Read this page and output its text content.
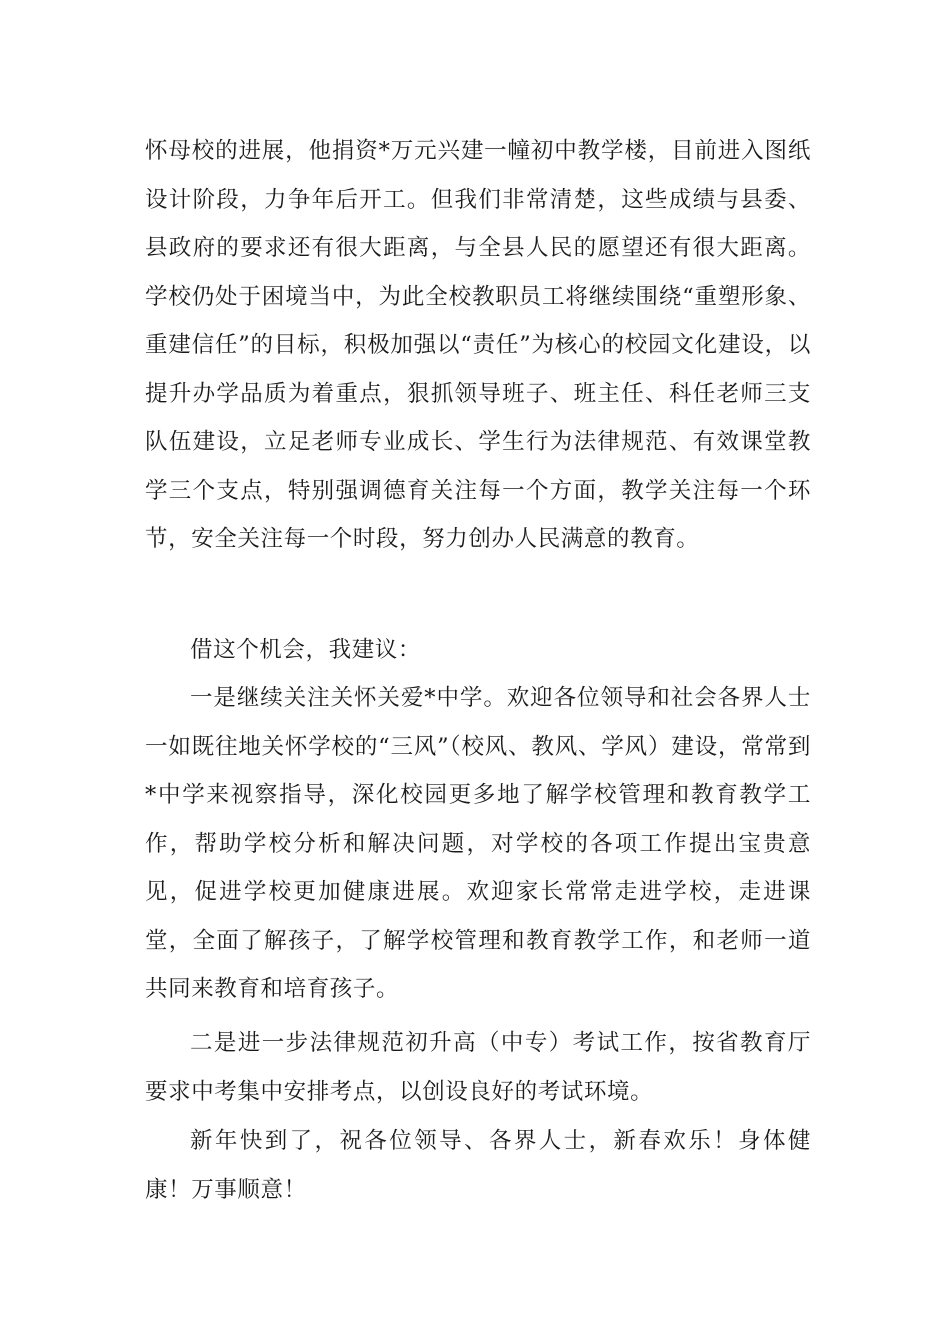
怀母校的进展，他捐资*万元兴建一幢初中教学楼，目前进入图纸设计阶段，力争年后开工。但我们非常清楚，这些成绩与县委、县政府的要求还有很大距离，与全县人民的愿望还有很大距离。学校仍处于困境当中，为此全校教职员工将继续围绕“重塑形象、重建信任”的目标，积极加强以“责任”为核心的校园文化建设，以提升办学品质为着重点，狠抓领导班子、班主任、科任老师三支队伍建设，立足老师专业成长、学生行为法律规范、有效课堂教学三个支点，特别强调德育关注每一个方面，教学关注每一个环节，安全关注每一个时段，努力创办人民满意的教育。

借这个机会，我建议：

一是继续关注关怀关爱*中学。欢迎各位领导和社会各界人士一如既往地关怀学校的“三风”（校风、教风、学风）建设，常常到*中学来视察指导，深化校园更多地了解学校管理和教育教学工作，帮助学校分析和解决问题，对学校的各项工作提出宝贵意见，促进学校更加健康进展。欢迎家长常常走进学校，走进课堂，全面了解孩子，了解学校管理和教育教学工作，和老师一道共同来教育和培育孩子。

二是进一步法律规范初升高（中专）考试工作，按省教育厅要求中考集中安排考点，以创设良好的考试环境。

新年快到了，祝各位领导、各界人士，新春欢乐！身体健康！万事顺意！
